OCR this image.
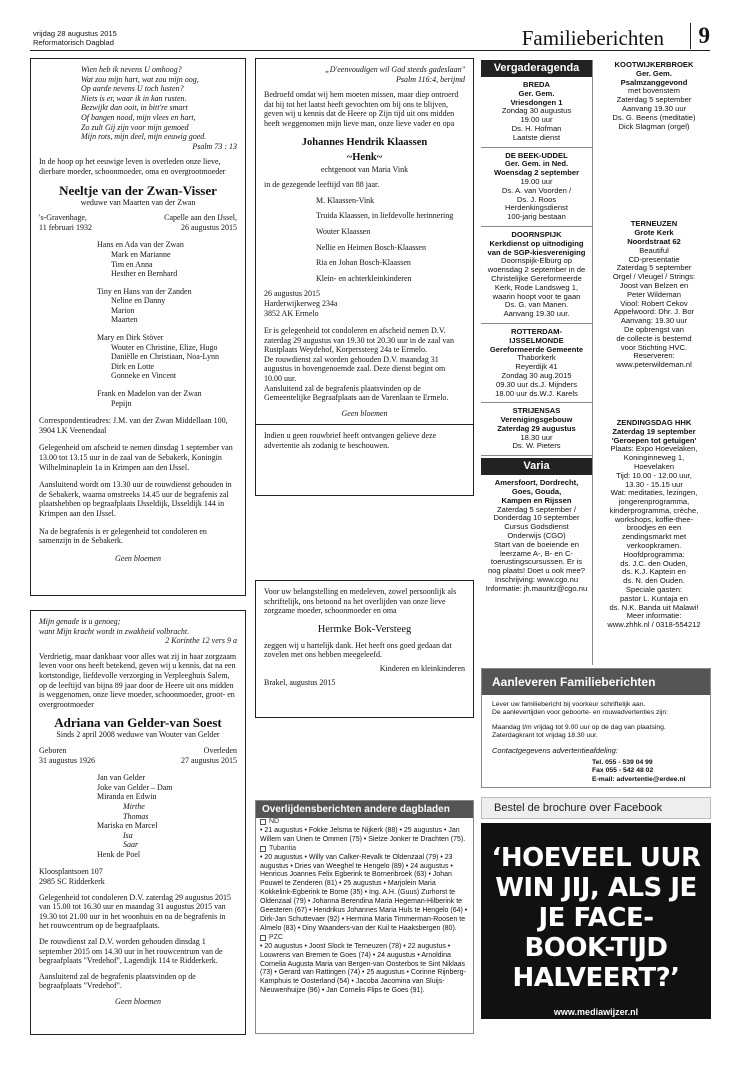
vrijdag 28 augustus 2015
Reformatorisch Dagblad	Familieberichten	9
Wien heb ik nevens U omhoog?
Wat zou mijn hart, wat zou mijn oog,
Op aarde nevens U toch lusten?
Niets is er, waar ik in kan rusten.
Bezwijkt dan ooit, in bitt're smart
Of bangen nood, mijn vlees en hart,
Zo zult Gij zijn voor mijn gemoed
Mijn rots, mijn deel, mijn eeuwig goed.
Psalm 73 : 13

In de hoop op het eeuwige leven is overleden onze lieve, dierbare moeder, schoonmoeder, oma en overgrootmoeder

Neeltje van der Zwan-Visser
weduwe van Maarten van der Zwan
's-Gravenhage,	Capelle aan den IJssel,
11 februari 1932	26 augustus 2015
Hans en Ada van der Zwan
Mark en Marianne
Tim en Anna
Hesther en Bernhard
Tiny en Hans van der Zanden
Neline en Danny
Marion
Maarten
Mary en Dirk Stöver
Wouter en Christine, Elize, Hugo
Daniëlle en Christiaan, Noa-Lynn
Dirk en Lotte
Gonneke en Vincent
Frank en Madelon van der Zwan
Pepijn

Correspondentieadres: J.M. van der Zwan Middellaan 100, 3904 LK Veenendaal

Gelegenheid om afscheid te nemen dinsdag 1 september van 13.00 tot 13.15 uur in de zaal van de Sebakerk, Koningin Wilhelminaplein 1a in Krimpen aan den IJssel.

Aansluitend wordt om 13.30 uur de rouwdienst gehouden in de Sebakerk, waarna omstreeks 14.45 uur de begrafenis zal plaatshebben op begraafplaats IJsseldijk, IJsseldijk 144 in Krimpen aan den IJssel.

Na de begrafenis is er gelegenheid tot condoleren en samenzijn in de Sebakerk.

Geen bloemen

„D'eenvoudigen wil God steeds gadeslaan"
Psalm 116:4, berijmd

Bedroefd omdat wij hem moeten missen, maar diep ontroerd dat hij tot het laatst heeft gevochten om bij ons te blijven, geven wij u kennis dat de Heere op Zijn tijd uit ons midden heeft weggenomen mijn lieve man, onze lieve vader en opa

Johannes Hendrik Klaassen
~Henk~
echtgenoot van Maria Vink

in de gezegende leeftijd van 88 jaar.

M. Klaassen-Vink
Truida Klaassen, in liefdevolle herinnering
Wouter Klaassen
Nellie en Heimen Bosch-Klaassen
Ria en Johan Bosch-Klaassen
Klein- en achterkleinkinderen

26 augustus 2015

Harderwijkerweg 234a

3852 AK Ermelo

Er is gelegenheid tot condoleren en afscheid nemen D.V. zaterdag 29 augustus van 19.30 tot 20.30 uur in de zaal van Rustplaats Weydehof, Korperssteeg 24a te Ermelo.

De rouwdienst zal worden gehouden D.V. maandag 31 augustus in bovengenoemde zaal. Deze dienst begint om 10.00 uur.

Aansluitend zal de begrafenis plaatsvinden op de Gemeentelijke Begraafplaats aan de Varenlaan te Ermelo.

Geen bloemen

Indien u geen rouwbrief heeft ontvangen gelieve deze advertentie als zodanig te beschouwen.

Voor uw belangstelling en medeleven, zowel persoonlijk als schriftelijk, ons betoond na het overlijden van onze lieve zorgzame moeder, schoonmoeder en oma

Hermke Bok-Versteeg

zeggen wij u hartelijk dank. Het heeft ons goed gedaan dat zovelen met ons hebben meegeleefd.

Kinderen en kleinkinderen

Brakel, augustus 2015

Mijn genade is u genoeg;
want Mijn kracht wordt in zwakheid volbracht.
2 Korinthe 12 vers 9 a

Verdrietig, maar dankbaar voor alles wat zij in haar zorgzaam leven voor ons heeft betekend, geven wij u kennis, dat na een kortstondige, liefdevolle verzorging in Verpleeghuis Salem, op de leeftijd van bijna 89 jaar door de Heere uit ons midden is weggenomen, onze lieve moeder, schoonmoeder, groot- en overgrootmoeder

Adriana van Gelder-van Soest
Sinds 2 april 2008 weduwe van Wouter van Gelder
Geboren	Overleden
31 augustus 1926	27 augustus 2015
Jan van Gelder
Joke van Gelder – Dam
Miranda en Edwin
Mirthe
Thomas
Mariska en Marcel
Isa
Saar
Henk de Poel

Kloosplantsoen 107

2985 SC Ridderkerk

Gelegenheid tot condoleren D.V. zaterdag 29 augustus 2015 van 15.00 tot 16.30 uur en maandag 31 augustus 2015 van 19.30 tot 21.00 uur in het woonhuis en na de begrafenis in het rouwcentrum op de begraafplaats.

De rouwdienst zal D.V. worden gehouden dinsdag 1 september 2015 om 14.30 uur in het rouwcentrum van de begraafplaats "Vredehof", Lagendijk 114 te Ridderkerk.

Aansluitend zal de begrafenis plaatsvinden op de begraafplaats "Vredehof".

Geen bloemen

Vergaderagenda
BREDA
Ger. Gem.
Vriesdongen 1
Zondag 30 augustus
19.00 uur
Ds. H. Hofman
Laatste dienst
DE BEEK-UDDEL
Ger. Gem. in Ned.
Woensdag 2 september
19.00 uur
Ds. A. van Voorden /
Ds. J. Roos
Herdenkingsdienst
100-jarig bestaan
DOORNSPIJK
Kerkdienst op uitnodiging
van de SGP-kiesvereniging
Doornspijk-Elburg op
woensdag 2 september in de
Christelijke Gereformeerde
Kerk, Rode Landsweg 1,
waarin hoopt voor te gaan
Ds. G. van Manen.
Aanvang 19.30 uur.
ROTTERDAM-
IJSSELMONDE
Gereformeerde Gemeente
Thaborkerk
Reyerdijk 41
Zondag 30 aug.2015
09.30 uur ds.J. Mijnders
18.00 uur ds.W.J. Karels
STRIJENSAS
Verenigingsgebouw
Zaterdag 29 augustus
18.30 uur
Ds. W. Pieters
Varia
Amersfoort, Dordrecht,
Goes, Gouda,
Kampen en Rijssen
Zaterdag 5 september /
Donderdag 10 september
Cursus Godsdienst
Onderwijs (CGO)
Start van de boeiende en
leerzame A-, B- en C-
toerustingscursussen. Er is
nog plaats! Doet u ook mee?
Inschrijving: www.cgo.nu
Informatie: jh.mauritz@cgo.nu
KOOTWIJKERBROEK
Ger. Gem.
Psalmzanggevond
met bovenstem
Zaterdag 5 september
Aanvang 19.30 uur
Ds. G. Beens (meditatie)
Dick Slagman (orgel)
TERNEUZEN
Grote Kerk
Noordstraat 62
Beautiful
CD-presentatie
Zaterdag 5 september
Orgel / Vleugel / Strings:
Joost van Belzen en
Peter Wildeman
Viool: Robert Cekov
Appelwoord: Dhr. J. Bor
Aanvang: 19.30 uur
De opbrengst van
de collecte is bestemd
voor Stichting HVC.
Reserveren:
www.peterwildeman.nl
ZENDINGSDAG HHK
Zaterdag 19 september
'Geroepen tot getuigen'
Plaats: Expo Hoevelaken,
Koninginneweg 1,
Hoevelaken
Tijd: 10.00 - 12.00 uur,
13.30 - 15.15 uur
Wat: meditaties, lezingen,
jongerenprogramma,
kinderprogramma, crèche,
workshops, koffie-thee-
broodjes en een
zendingsmarkt met
verkoopkramen.
Hoofdprogramma:
ds. J.C. den Ouden,
ds. K.J. Kaptein en
ds. N. den Ouden.
Speciale gasten:
pastor L. Kuntaja en
ds. N.K. Banda uit Malawi!
Meer informatie:
www.zhhk.nl / 0318-554212
Aanleveren Familieberichten
Lever uw familiebericht bij voorkeur schriftelijk aan.
De aanlevertijden voor geboorte- en rouwadvertenties zijn:
Maandag t/m vrijdag tot 9.00 uur op de dag van plaatsing.
Zaterdagkrant tot vrijdag 18.30 uur.
Contactgegevens advertentieafdeling:
Tel. 055 - 539 04 99
Fax 055 - 542 48 02
E-mail: advertentie@erdee.nl
Overlijdensberichten andere dagbladen
ND
• 21 augustus • Fokke Jelsma te Nijkerk (88) • 25 augustus • Jan Willem van Unen te Ommen (75) • Sietze Jonker te Drachten (75).
Tubantia
• 20 augustus • Willy van Calker-Revalk te Oldenzaal (79) • 23 augustus • Dries van Weeghel te Hengelo (89) • 24 augustus • Henricus Joannes Felix Egberink te Borneribroek (63) • Johan Pouwel te Zenderen (81) • 25 augustus • Marjolein Maria Kokkelink-Egberink te Borne (35) • Ing. A.H. (Guus) Zurhorst te Oldenzaal (79) • Johanna Berendina Maria Hegeman-Hilberink te Geesteren (67) • Hendrikus Johannes Maria Huls te Hengelo (64) • Dirk-Jan Schuttevaer (92) • Hermina Maria Timmerman-Roosen te Almelo (83) • Diny Waanders-van der Kuil te Haaksbergen (80).
PZC
• 20 augustus • Joost Slock te Terneuzen (78) • 22 augustus • Louwrens van Bremen te Goes (74) • 24 augustus • Arnoldina Cornelia Augusta Maria van Bergen-van Oosterbos te Sint Niklaas (73) • Gerard van Rattingen (74) • 25 augustus • Corinne Rijnberg-Kamphuis te Oosterland (54) • Jacoba Jacomina van Sluijs-Nieuwenhuijze (96) • Jan Cornelis Flips te Goes (91).
Bestel de brochure over Facebook
‘HOEVEEL UUR
WIN JIJ, ALS JE
JE FACE-
BOOK-TIJD
HALVEERT?’
www.mediawijzer.nl
